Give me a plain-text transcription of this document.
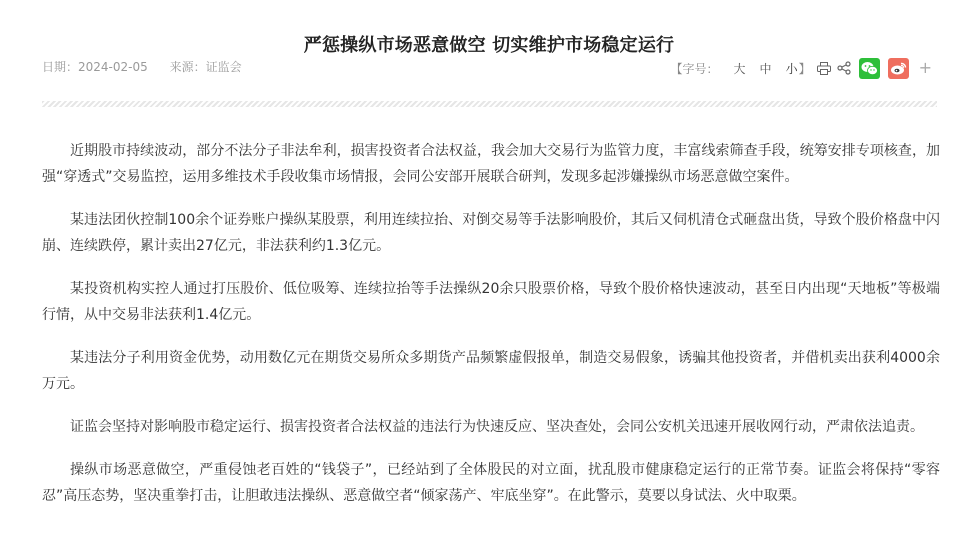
严惩操纵市场恶意做空 切实维护市场稳定运行
日期：2024-02-05 来源：证监会	【字号： 大 中 小 】	+

近期股市持续波动，部分不法分子非法牟利，损害投资者合法权益，我会加大交易行为监管力度，丰富线索筛查手段，统筹安排专项核查，加强“穿透式”交易监控，运用多维技术手段收集市场情报，会同公安部开展联合研判，发现多起涉嫌操纵市场恶意做空案件。

某违法团伙控制100余个证券账户操纵某股票，利用连续拉抬、对倒交易等手法影响股价，其后又伺机清仓式砸盘出货，导致个股价格盘中闪崩、连续跌停，累计卖出27亿元，非法获利约1.3亿元。

某投资机构实控人通过打压股价、低位吸筹、连续拉抬等手法操纵20余只股票价格，导致个股价格快速波动，甚至日内出现“天地板”等极端行情，从中交易非法获利1.4亿元。

某违法分子利用资金优势，动用数亿元在期货交易所众多期货产品频繁虚假报单，制造交易假象，诱骗其他投资者，并借机卖出获利4000余万元。

证监会坚持对影响股市稳定运行、损害投资者合法权益的违法行为快速反应、坚决查处，会同公安机关迅速开展收网行动，严肃依法追责。

操纵市场恶意做空，严重侵蚀老百姓的“钱袋子”，已经站到了全体股民的对立面，扰乱股市健康稳定运行的正常节奏。证监会将保持“零容忍”高压态势，坚决重拳打击，让胆敢违法操纵、恶意做空者“倾家荡产、牢底坐穿”。在此警示，莫要以身试法、火中取栗。
